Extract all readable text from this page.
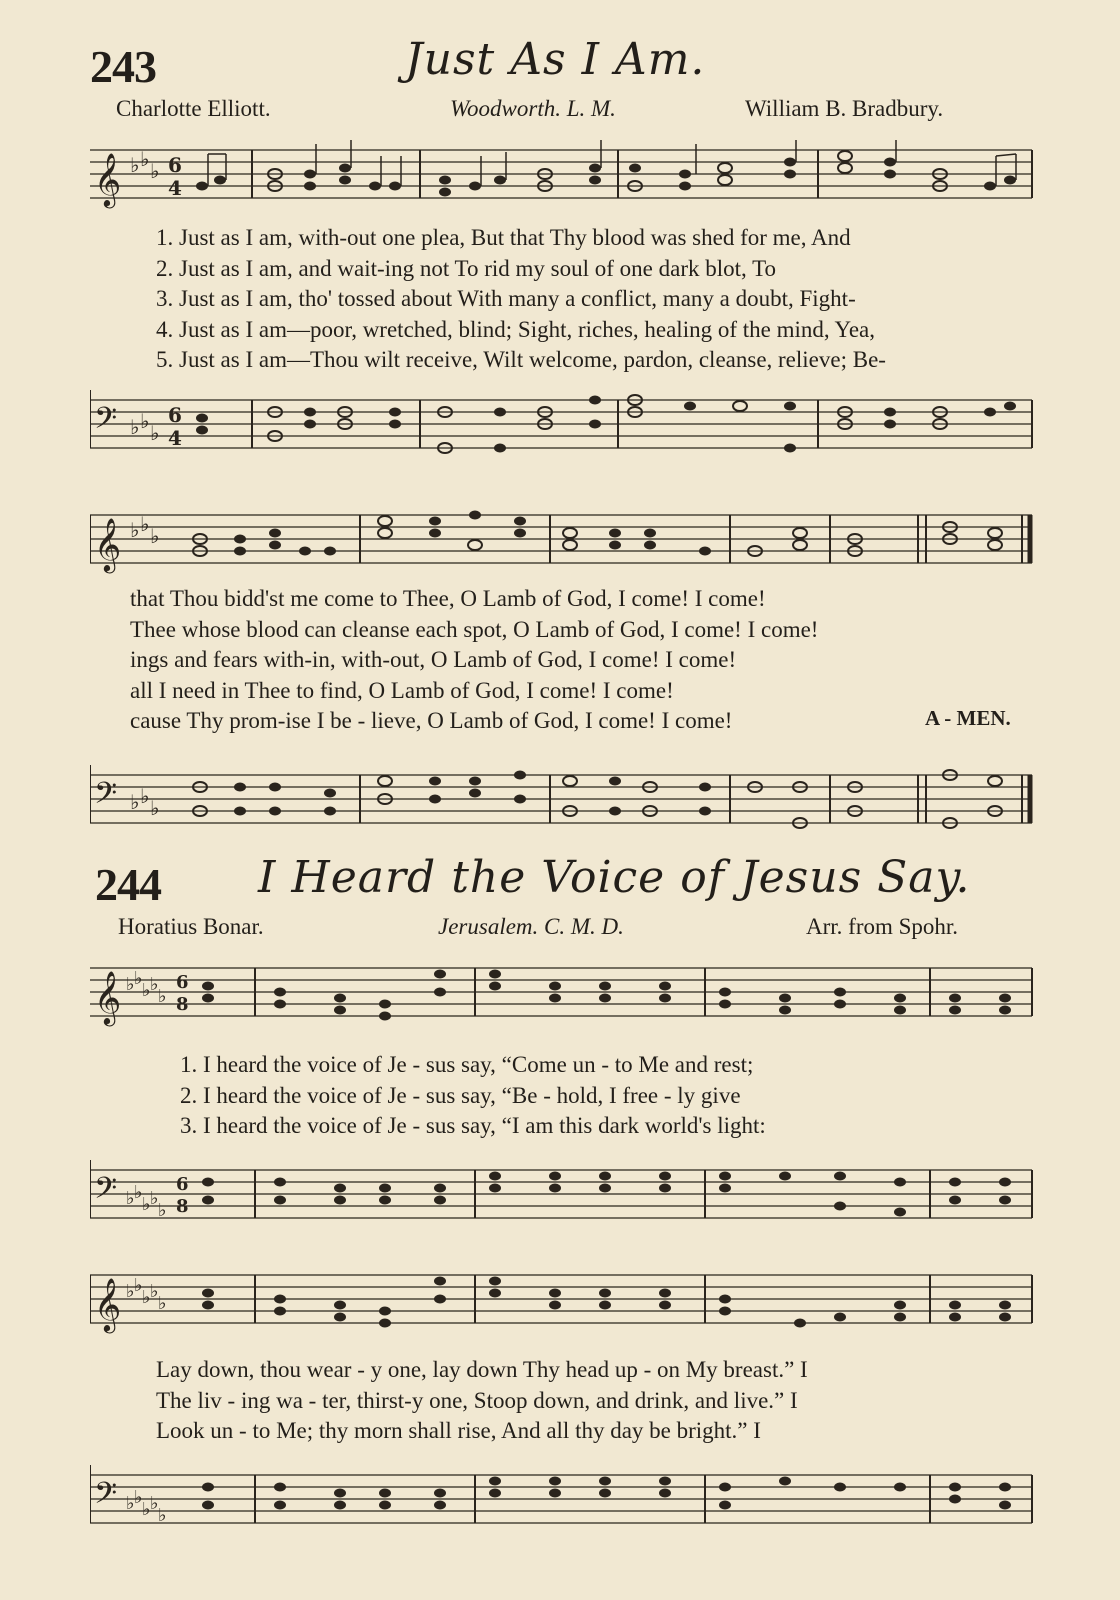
243	Just As I Am.
Charlotte Elliott.	Woodworth. L. M.	William B. Bradbury.
𝄞 ♭ ♭ ♭ 6
4
1. Just as I am, with-out one plea, But that Thy blood was shed for me, And
2. Just as I am, and wait-ing not To rid my soul of one dark blot, To
3. Just as I am, tho' tossed about With many a conflict, many a doubt, Fight-
4. Just as I am—poor, wretched, blind; Sight, riches, healing of the mind, Yea,
5. Just as I am—Thou wilt receive, Wilt welcome, pardon, cleanse, relieve; Be-
𝄢 ♭ ♭ ♭
6
4
𝄞 ♭ ♭ ♭
that Thou bidd'st me come to Thee, O Lamb of God, I come! I come!
Thee whose blood can cleanse each spot, O Lamb of God, I come! I come!
ings and fears with-in, with-out, O Lamb of God, I come! I come!
all I need in Thee to find, O Lamb of God, I come! I come!
cause Thy prom-ise I be - lieve, O Lamb of God, I come! I come!	A - MEN.
𝄢 ♭ ♭ ♭
244 I Heard the Voice of Jesus Say.
Horatius Bonar.	Jerusalem. C. M. D.	Arr. from Spohr.
𝄞 ♭ ♭
♭ ♭
♭
6
8
1. I heard the voice of Je - sus say, “Come un - to Me and rest;
2. I heard the voice of Je - sus say, “Be - hold, I free - ly give
3. I heard the voice of Je - sus say, “I am this dark world's light:
𝄢 ♭ ♭
♭ ♭
♭
6
8
𝄞 ♭ ♭
♭ ♭
♭
Lay down, thou wear - y one, lay down Thy head up - on My breast.” I
The liv - ing wa - ter, thirst-y one, Stoop down, and drink, and live.” I
Look un - to Me; thy morn shall rise, And all thy day be bright.” I
𝄢 ♭ ♭
♭ ♭
♭
